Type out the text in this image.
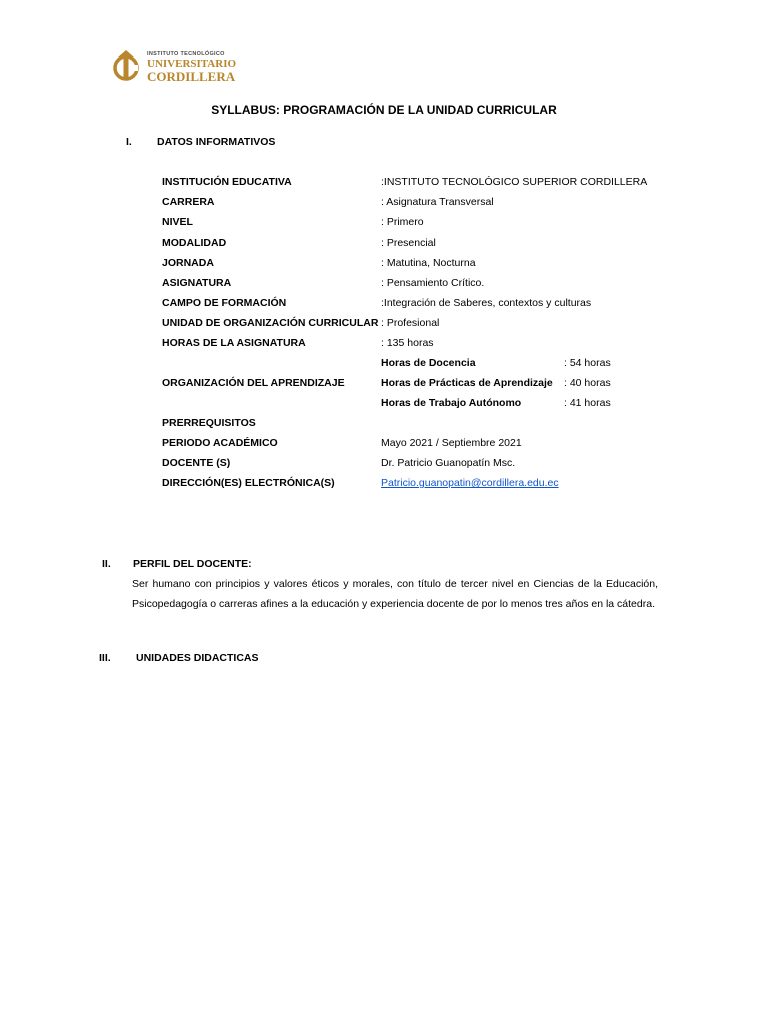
INSTITUTO TECNOLÓGICO
UNIVERSITARIO
CORDILLERA
SYLLABUS: PROGRAMACIÓN DE LA UNIDAD CURRICULAR
I. DATOS INFORMATIVOS
INSTITUCIÓN EDUCATIVA	:INSTITUTO TECNOLÓGICO SUPERIOR CORDILLERA
CARRERA	: Asignatura Transversal
NIVEL	: Primero
MODALIDAD	: Presencial
JORNADA	: Matutina, Nocturna
ASIGNATURA	: Pensamiento Crítico.
CAMPO DE FORMACIÓN	:Integración de Saberes, contextos y culturas
UNIDAD DE ORGANIZACIÓN CURRICULAR : Profesional
HORAS DE LA ASIGNATURA	: 135 horas
Horas de Docencia	: 54 horas
ORGANIZACIÓN DEL APRENDIZAJE	Horas de Prácticas de Aprendizaje : 40 horas
Horas de Trabajo Autónomo	: 41 horas
PRERREQUISITOS
PERIODO ACADÉMICO	Mayo 2021 / Septiembre 2021
DOCENTE (S)	Dr. Patricio Guanopatín Msc.
DIRECCIÓN(ES) ELECTRÓNICA(S)	Patricio.guanopatin@cordillera.edu.ec
II. PERFIL DEL DOCENTE:
Ser humano con principios y valores éticos y morales, con título de tercer nivel en Ciencias de la Educación,
Psicopedagogía o carreras afines a la educación y experiencia docente de por lo menos tres años en la cátedra.
III. UNIDADES DIDACTICAS
